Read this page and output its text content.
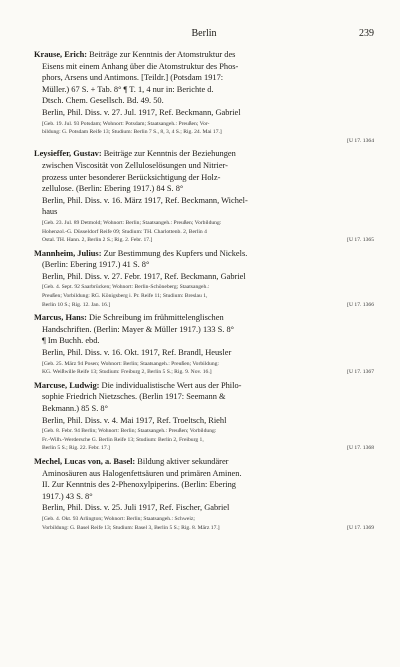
Berlin	239

Krause, Erich: Beiträge zur Kenntnis der Atomstruktur des

Eisens mit einem Anhang über die Atomstruktur des Phos-

phors, Arsens und Antimons. [Teildr.] (Potsdam 1917:

Müller.) 67 S. + Tab. 8° ¶ T. 1, 4 nur in: Berichte d.

Dtsch. Chem. Gesellsch. Bd. 49. 50.

Berlin, Phil. Diss. v. 27. Jul. 1917, Ref. Beckmann, Gabriel

[Geb. 19. Jul. 93 Potsdam; Wohnort: Potsdam; Staatsangeh.: Preußen; Vor-

bildung: G. Potsdam Reife 13; Studium: Berlin 7 S., 8, 3, 4 S.; Rig. 24. Mai 17.]

[U 17. 1364

Leysieffer, Gustav: Beiträge zur Kenntnis der Beziehungen

zwischen Viscosität von Zelluloselösungen und Nitrier-

prozess unter besonderer Berücksichtigung der Holz-

zellulose. (Berlin: Ebering 1917.) 84 S. 8°

Berlin, Phil. Diss. v. 16. März 1917, Ref. Beckmann, Wichel-

haus

[Geb. 23. Jul. 89 Detmold; Wohnort: Berlin; Staatsangeh.: Preußen; Vorbildung:

Hohenzol.-G. Düsseldorf Reife 09; Studium: TH. Charlottenb. 2, Berlin 4

[U 17. 1365
Ostal. TH. Hann. 2, Berlin 2 S.; Rig. 2. Febr. 17.]

Mannheim, Julius: Zur Bestimmung des Kupfers und Nickels.

(Berlin: Ebering 1917.) 41 S. 8°

Berlin, Phil. Diss. v. 27. Febr. 1917, Ref. Beckmann, Gabriel

[Geb. 4. Sept. 92 Saarbrücken; Wohnort: Berlin-Schöneberg; Staatsangeh.:

Preußen; Vorbildung: RG. Königsberg i. Pr. Reife 11; Studium: Breslau 1,

[U 17. 1366
Berlin 10 S.; Rig. 12. Jan. 16.]

Marcus, Hans: Die Schreibung im frühmittelenglischen

Handschriften. (Berlin: Mayer & Müller 1917.) 133 S. 8°

¶ Im Buchh. ebd.

Berlin, Phil. Diss. v. 16. Okt. 1917, Ref. Brandl, Heusler

[Geb. 25. März 94 Posen; Wohnort: Berlin; Staatsangeh.: Preußen; Vorbildung:

[U 17. 1367
KG. Weißwille Reife 13; Studium: Freiburg 2, Berlin 5 S.; Rig. 9. Nov. 16.]

Marcuse, Ludwig: Die individualistische Wert aus der Philo-

sophie Friedrich Nietzsches. (Berlin 1917: Seemann &

Bekmann.) 85 S. 8°

Berlin, Phil. Diss. v. 4. Mai 1917, Ref. Troeltsch, Riehl

[Geb. 8. Febr. 94 Berlin; Wohnort: Berlin; Staatsangeh.: Preußen; Vorbildung:

Fr.-Wilh.-Werdersche G. Berlin Reife 13; Studium: Berlin 2, Freiburg 1,

[U 17. 1368
Berlin 5 S.; Rig. 22. Febr. 17.]

Mechel, Lucas von, a. Basel: Bildung aktiver sekundärer

Aminosäuren aus Halogenfettsäuren und primären Aminen.

II. Zur Kenntnis des 2-Phenoxylpiperins. (Berlin: Ebering

1917.) 43 S. 8°

Berlin, Phil. Diss. v. 25. Juli 1917, Ref. Fischer, Gabriel

[Geb. 4. Okt. 93 Arlington; Wohnort: Berlin; Staatsangeh.: Schweiz;

[U 17. 1369
Vorbildung: G. Basel Reife 13; Studium: Basel 3, Berlin 5 S.; Rig. 8. März 17.]
